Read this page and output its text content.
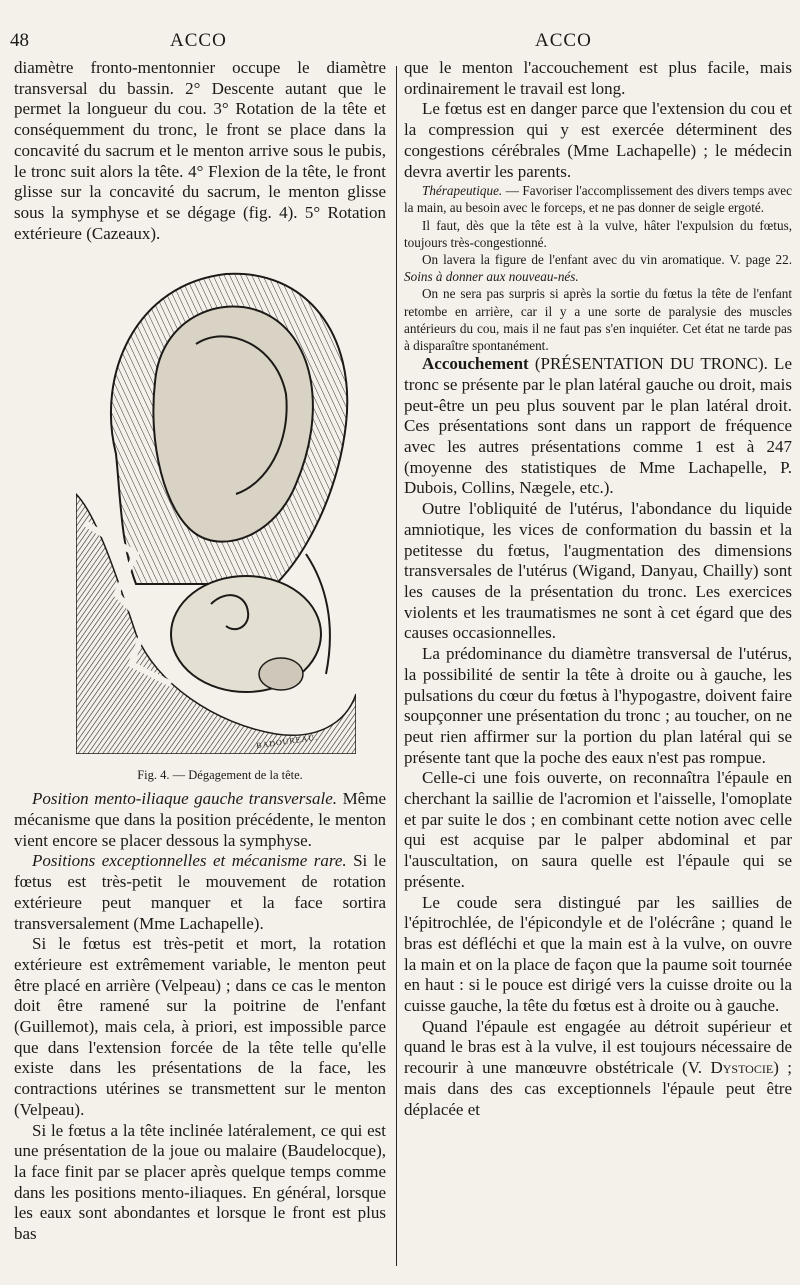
48	ACCO	ACCO

diamètre fronto-mentonnier occupe le diamètre transversal du bassin. 2° Descente autant que le permet la longueur du cou. 3° Rotation de la tête et conséquemment du tronc, le front se place dans la concavité du sacrum et le menton arrive sous le pubis, le tronc suit alors la tête. 4° Flexion de la tête, le front glisse sur la concavité du sacrum, le menton glisse sous la symphyse et se dégage (fig. 4). 5° Rotation extérieure (Cazeaux).

BADOUREAU.

Fig. 4. — Dégagement de la tête.

Position mento-iliaque gauche transversale. Même mécanisme que dans la position précédente, le menton vient encore se placer dessous la symphyse.

Positions exceptionnelles et mécanisme rare. Si le fœtus est très-petit le mouvement de rotation extérieure peut manquer et la face sortira transversalement (Mme Lachapelle).

Si le fœtus est très-petit et mort, la rotation extérieure est extrêmement variable, le menton peut être placé en arrière (Velpeau) ; dans ce cas le menton doit être ramené sur la poitrine de l'enfant (Guillemot), mais cela, à priori, est impossible parce que dans l'extension forcée de la tête telle qu'elle existe dans les présentations de la face, les contractions utérines se transmettent sur le menton (Velpeau).

Si le fœtus a la tête inclinée latéralement, ce qui est une présentation de la joue ou malaire (Baudelocque), la face finit par se placer après quelque temps comme dans les positions mento-iliaques. En général, lorsque les eaux sont abondantes et lorsque le front est plus bas

que le menton l'accouchement est plus facile, mais ordinairement le travail est long.

Le fœtus est en danger parce que l'extension du cou et la compression qui y est exercée déterminent des congestions cérébrales (Mme Lachapelle) ; le médecin devra avertir les parents.

Thérapeutique. — Favoriser l'accomplissement des divers temps avec la main, au besoin avec le forceps, et ne pas donner de seigle ergoté.

Il faut, dès que la tête est à la vulve, hâter l'expulsion du fœtus, toujours très-congestionné.

On lavera la figure de l'enfant avec du vin aromatique. V. page 22. Soins à donner aux nouveau-nés.

On ne sera pas surpris si après la sortie du fœtus la tête de l'enfant retombe en arrière, car il y a une sorte de paralysie des muscles antérieurs du cou, mais il ne faut pas s'en inquiéter. Cet état ne tarde pas à disparaître spontanément.

Accouchement (PRÉSENTATION DU TRONC). Le tronc se présente par le plan latéral gauche ou droit, mais peut-être un peu plus souvent par le plan latéral droit. Ces présentations sont dans un rapport de fréquence avec les autres présentations comme 1 est à 247 (moyenne des statistiques de Mme Lachapelle, P. Dubois, Collins, Nægele, etc.).

Outre l'obliquité de l'utérus, l'abondance du liquide amniotique, les vices de conformation du bassin et la petitesse du fœtus, l'augmentation des dimensions transversales de l'utérus (Wigand, Danyau, Chailly) sont les causes de la présentation du tronc. Les exercices violents et les traumatismes ne sont à cet égard que des causes occasionnelles.

La prédominance du diamètre transversal de l'utérus, la possibilité de sentir la tête à droite ou à gauche, les pulsations du cœur du fœtus à l'hypogastre, doivent faire soupçonner une présentation du tronc ; au toucher, on ne peut rien affirmer sur la portion du plan latéral qui se présente tant que la poche des eaux n'est pas rompue.

Celle-ci une fois ouverte, on reconnaîtra l'épaule en cherchant la saillie de l'acromion et l'aisselle, l'omoplate et par suite le dos ; en combinant cette notion avec celle qui est acquise par le palper abdominal et par l'auscultation, on saura quelle est l'épaule qui se présente.

Le coude sera distingué par les saillies de l'épitrochlée, de l'épicondyle et de l'olécrâne ; quand le bras est défléchi et que la main est à la vulve, on ouvre la main et on la place de façon que la paume soit tournée en haut : si le pouce est dirigé vers la cuisse droite ou la cuisse gauche, la tête du fœtus est à droite ou à gauche.

Quand l'épaule est engagée au détroit supérieur et quand le bras est à la vulve, il est toujours nécessaire de recourir à une manœuvre obstétricale (V. Dystocie) ; mais dans des cas exceptionnels l'épaule peut être déplacée et
